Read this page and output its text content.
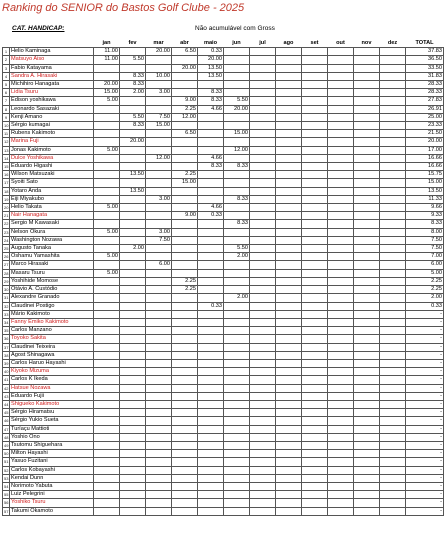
Ranking do SENIOR do Bastos Golf Clube - 2025
CAT. HANDICAP:	Não acumulável com Gross
		jan	fev	mar	abr	maio	jun	jul	ago	set	out	nov	dez	TOTAL
1	Helio Kaminaga	11.00		20.00	6.50	0.33								37.83
2	Matsuyo Aiso	11.00	5.50			20.00								36.50
3	Fabio Katayama				20.00	13.50								33.50
4	Sandra A. Hirasaki		8.33	10.00		13.50								31.83
5	Michihiro Hanagata	20.00	8.33											28.33
6	Lidia Tsuru	15.00	2.00	3.00		8.33								28.33
7	Edison yoshikawa	5.00			9.00	8.33	5.50							27.83
8	Leonardo Sasazaki				2.25	4.66	20.00							26.91
9	Kenji Amano		5.50	7.50	12.00									25.00
10	Sérgio kumagai		8.33	15.00										23.33
11	Rubens Kakimoto				6.50		15.00							21.50
12	Marina Fuji		20.00											20.00
13	Jonas Kakimoto	5.00					12.00							17.00
14	Dulce Yoshikawa			12.00		4.66								16.66
15	Eduardo Higashi					8.33	8.33							16.66
16	Wilson Matsuzaki		13.50		2.25									15.75
17	Syoiti Sato				15.00									15.00
18	Yotaro Anda		13.50											13.50
19	Eiji Miyakubo			3.00			8.33							11.33
20	Helio Takata	5.00				4.66								9.66
21	Nair Hanagata				9.00	0.33								9.33
22	Sergio M Kawasaki						8.33							8.33
23	Nelson Okura	5.00		3.00										8.00
24	Washington Nozawa			7.50										7.50
25	Augusto Tanaka		2.00				5.50							7.50
26	Oshamu Yamashita	5.00					2.00							7.00
27	Marco Hirasaki			6.00										6.00
28	Masaru Tsuru	5.00												5.00
29	Yoshihide Momose				2.25									2.25
30	Otávio A. Custódio				2.25									2.25
31	Alexandre Granado						2.00							2.00
32	Claudinei Postigo					0.33								0.33
33	Mário Kakimoto													-
34	Fanny Emiko Kakimoto													-
35	Carlos Manzano													-
36	Toyoko Sakita													-
37	Claudinei Teixeira													-
38	Agost Shinagawa													-
39	Carlos Haruo Hayashi													-
40	Kiyoko Mizuma													-
41	Carlos K Ikeda													-
42	Hatsue Nozawa													-
43	Eduardo Fujii													-
44	Shigueko Kakimoto													-
45	Sérgio Hiramatsu													-
46	Sérgio Yukio Sueta													-
47	Turíaçu Mattioti													-
48	Yoshio Ono													-
49	Tsutomu Shiguehara													-
50	Milton Hayashi													-
51	Yasuo Fuzitani													-
52	Carlos Kobayashi													-
53	Kendai Dunn													-
54	Norimoto Yabuta													-
55	Luiz Pelegrini													-
56	Yoshiko Tsuru													-
57	Takumi Okamoto													-
